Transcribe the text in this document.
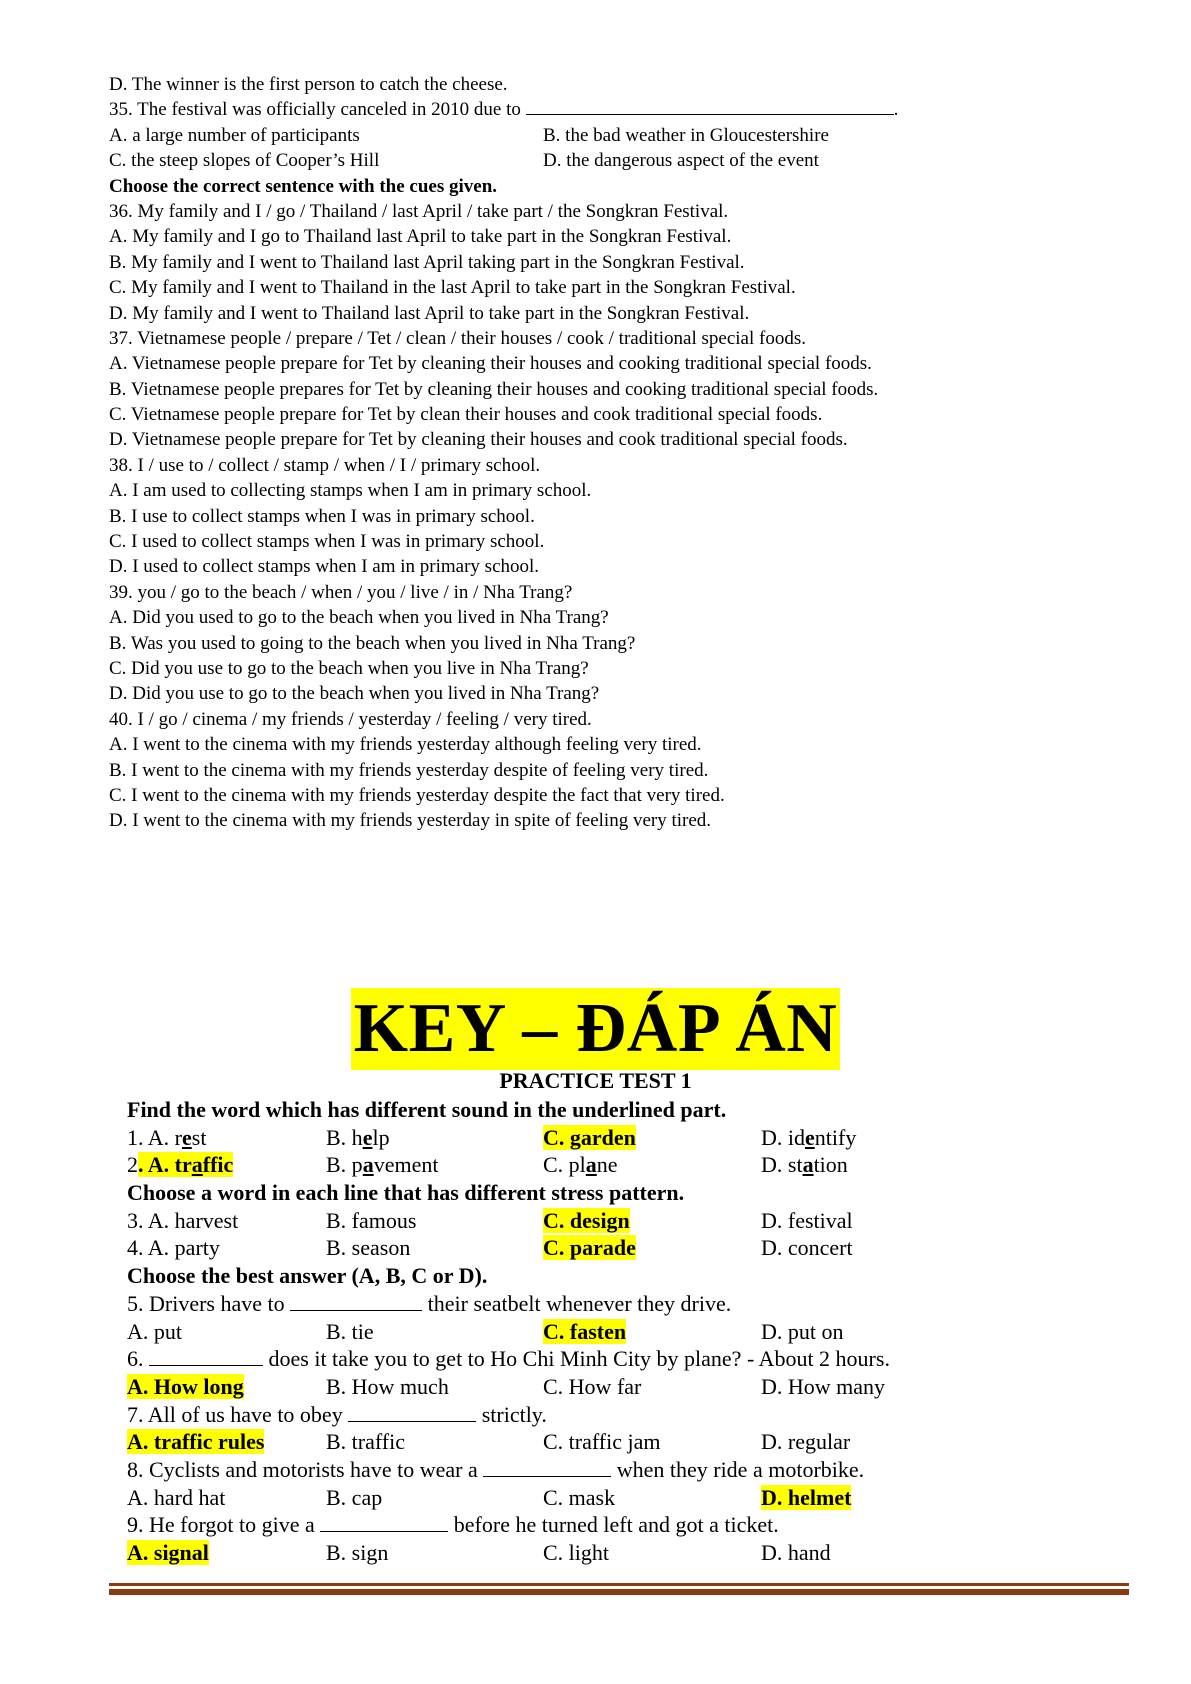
D. The winner is the first person to catch the cheese.
35. The festival was officially canceled in 2010 due to	.
A. a large number of participants	B. the bad weather in Gloucestershire
C. the steep slopes of Cooper’s Hill	D. the dangerous aspect of the event
Choose the correct sentence with the cues given.
36. My family and I / go / Thailand / last April / take part / the Songkran Festival.
A. My family and I go to Thailand last April to take part in the Songkran Festival.
B. My family and I went to Thailand last April taking part in the Songkran Festival.
C. My family and I went to Thailand in the last April to take part in the Songkran Festival.
D. My family and I went to Thailand last April to take part in the Songkran Festival.
37. Vietnamese people / prepare / Tet / clean / their houses / cook / traditional special foods.
A. Vietnamese people prepare for Tet by cleaning their houses and cooking traditional special foods.
B. Vietnamese people prepares for Tet by cleaning their houses and cooking traditional special foods.
C. Vietnamese people prepare for Tet by clean their houses and cook traditional special foods.
D. Vietnamese people prepare for Tet by cleaning their houses and cook traditional special foods.
38. I / use to / collect / stamp / when / I / primary school.
A. I am used to collecting stamps when I am in primary school.
B. I use to collect stamps when I was in primary school.
C. I used to collect stamps when I was in primary school.
D. I used to collect stamps when I am in primary school.
39. you / go to the beach / when / you / live / in / Nha Trang?
A. Did you used to go to the beach when you lived in Nha Trang?
B. Was you used to going to the beach when you lived in Nha Trang?
C. Did you use to go to the beach when you live in Nha Trang?
D. Did you use to go to the beach when you lived in Nha Trang?
40. I / go / cinema / my friends / yesterday / feeling / very tired.
A. I went to the cinema with my friends yesterday although feeling very tired.
B. I went to the cinema with my friends yesterday despite of feeling very tired.
C. I went to the cinema with my friends yesterday despite the fact that very tired.
D. I went to the cinema with my friends yesterday in spite of feeling very tired.
KEY – ĐÁP ÁN
PRACTICE TEST 1
Find the word which has different sound in the underlined part.
1. A. rest	B. help	C. garden	D. identify
2. A. traffic	B. pavement	C. plane	D. station
Choose a word in each line that has different stress pattern.
3. A. harvest	B. famous	C. design	D. festival
4. A. party	B. season	C. parade	D. concert
Choose the best answer (A, B, C or D).
5. Drivers have to	their seatbelt whenever they drive.
A. put	B. tie	C. fasten	D. put on
6.	does it take you to get to Ho Chi Minh City by plane? - About 2 hours.
A. How long	B. How much	C. How far	D. How many
7. All of us have to obey	strictly.
A. traffic rules	B. traffic	C. traffic jam	D. regular
8. Cyclists and motorists have to wear a	when they ride a motorbike.
A. hard hat	B. cap	C. mask	D. helmet
9. He forgot to give a	before he turned left and got a ticket.
A. signal	B. sign	C. light	D. hand
